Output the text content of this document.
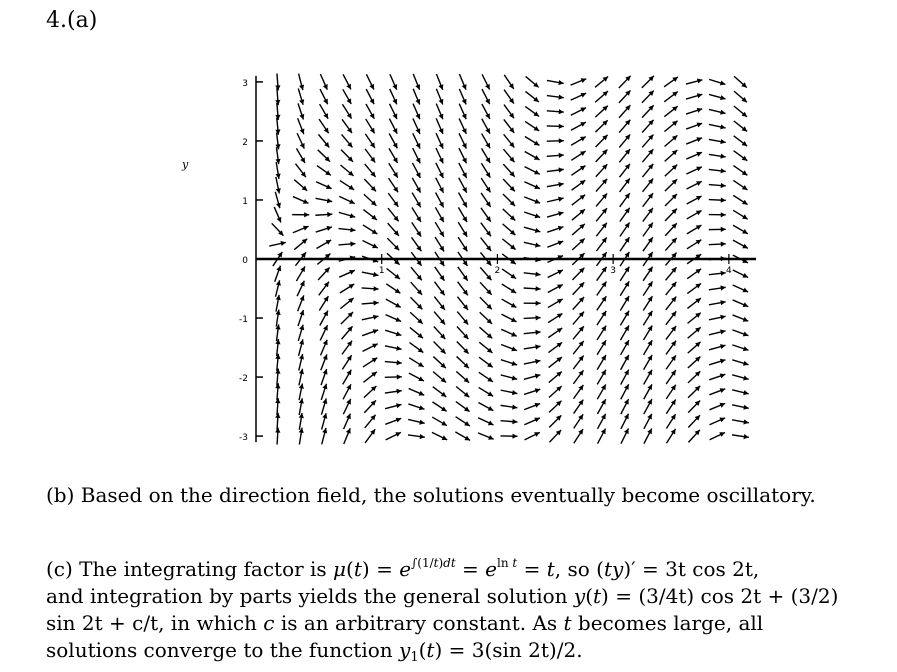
4.(a)
3
2
1
0
-1
-2
-3
y
1	2	3	4

(b) Based on the direction field, the solutions eventually become oscillatory.

(c) The integrating factor is $\mu(t) = e^{\int(1/t)dt} = e^{ln t} = t$, so (ty)′ = 3t cos 2t,
and integration by parts yields the general solution y(t) = (3/4t) cos 2t + (3/2)
sin 2t + c/t, in which c is an arbitrary constant. As t becomes large, all
solutions converge to the function $y_1(t) = 3(\sin$ 2t)/2.
